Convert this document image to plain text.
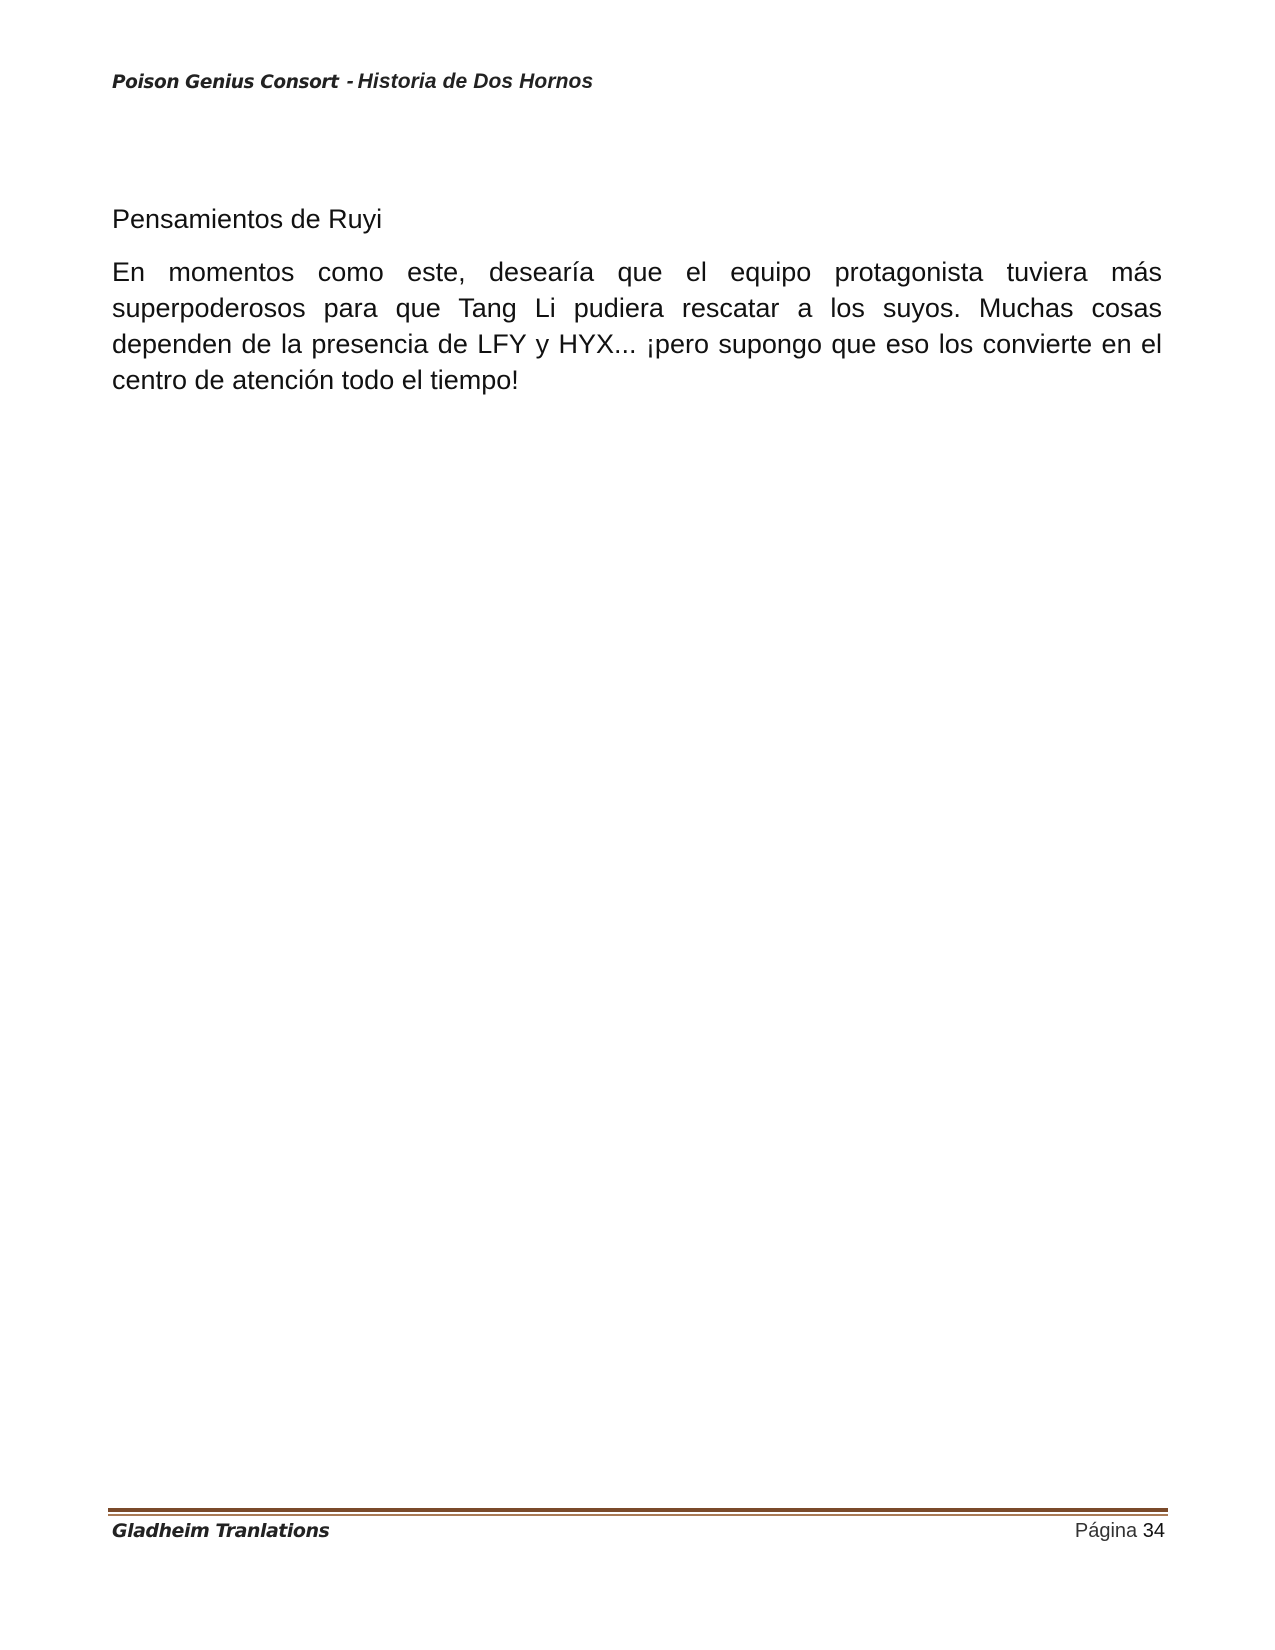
Poison Genius Consort - Historia de Dos Hornos
Pensamientos de Ruyi

En momentos como este, desearía que el equipo protagonista tuviera más superpoderosos para que Tang Li pudiera rescatar a los suyos. Muchas cosas dependen de la presencia de LFY y HYX... ¡pero supongo que eso los convierte en el centro de atención todo el tiempo!

Gladheim Tranlations	Página 34
